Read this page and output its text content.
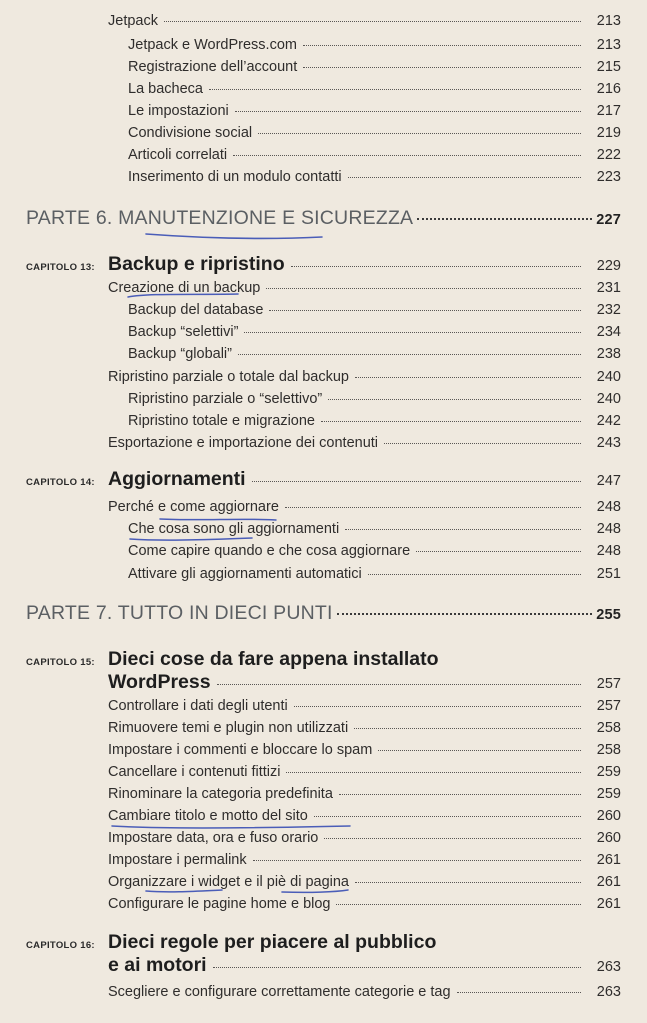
Jetpack	213
Jetpack e WordPress.com	213
Registrazione dell’account	215
La bacheca	216
Le impostazioni	217
Condivisione social	219
Articoli correlati	222
Inserimento di un modulo contatti	223
PARTE 6. MANUTENZIONE E SICUREZZA	227
CAPITOLO 13: Backup e ripristino	229
Creazione di un backup	231
Backup del database	232
Backup “selettivi”	234
Backup “globali”	238
Ripristino parziale o totale dal backup	240
Ripristino parziale o “selettivo”	240
Ripristino totale e migrazione	242
Esportazione e importazione dei contenuti	243
CAPITOLO 14: Aggiornamenti	247
Perché e come aggiornare	248
Che cosa sono gli aggiornamenti	248
Come capire quando e che cosa aggiornare	248
Attivare gli aggiornamenti automatici	251
PARTE 7. TUTTO IN DIECI PUNTI	255
CAPITOLO 15: Dieci cose da fare appena installato
WordPress	257
Controllare i dati degli utenti	257
Rimuovere temi e plugin non utilizzati	258
Impostare i commenti e bloccare lo spam	258
Cancellare i contenuti fittizi	259
Rinominare la categoria predefinita	259
Cambiare titolo e motto del sito	260
Impostare data, ora e fuso orario	260
Impostare i permalink	261
Organizzare i widget e il piè di pagina	261
Configurare le pagine home e blog	261
CAPITOLO 16: Dieci regole per piacere al pubblico
e ai motori	263
Scegliere e configurare correttamente categorie e tag	263
